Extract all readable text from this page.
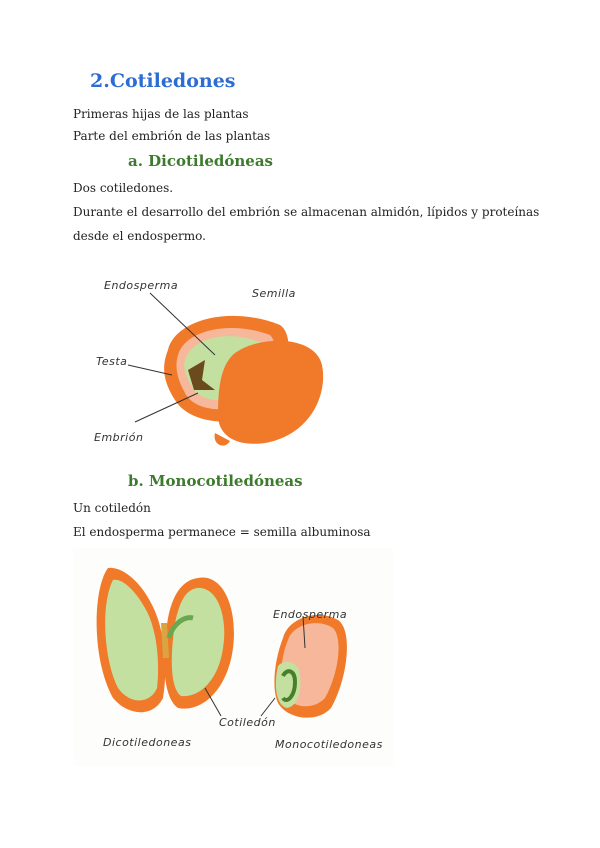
2.Cotiledones
Primeras hijas de las plantas
Parte del embrión de las plantas
a. Dicotiledóneas
Dos cotiledones.
Durante el desarrollo del embrión se almacenan almidón, lípidos y proteínas
desde el endospermo.
Endosperma
Semilla
Testa
Embrión
b. Monocotiledóneas
Un cotiledón
El endosperma permanece = semilla albuminosa
Endosperma
Cotiledón
Dicotiledoneas	Monocotiledoneas
